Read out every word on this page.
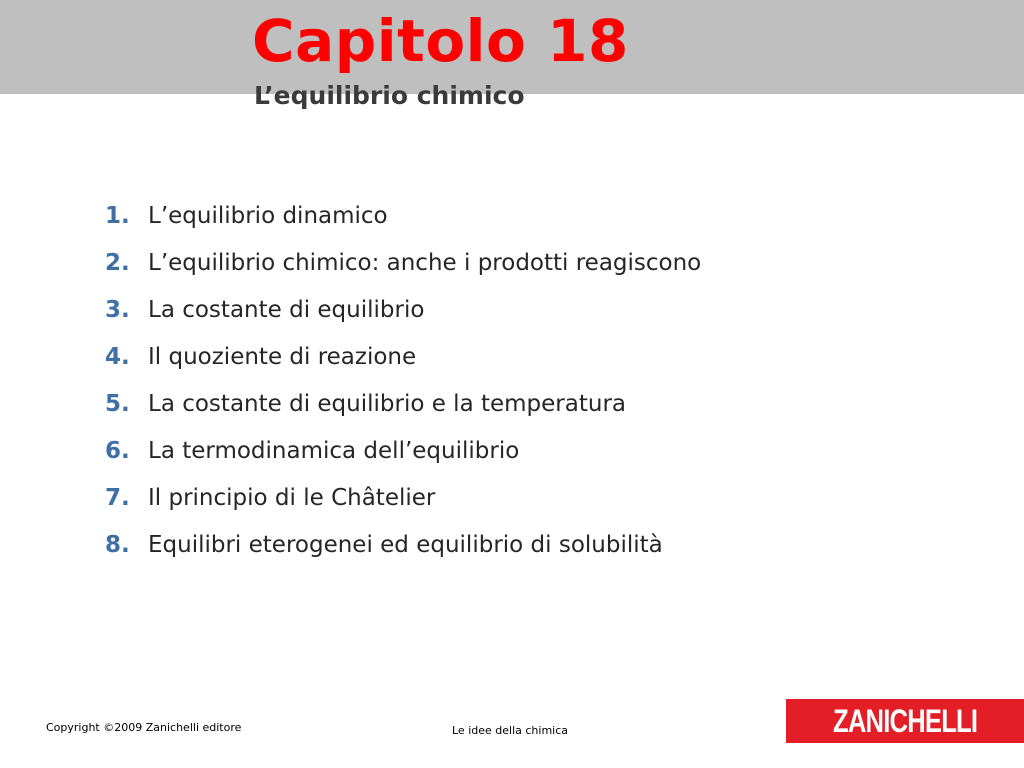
Capitolo 18
L’equilibrio chimico
1. L’equilibrio dinamico
2. L’equilibrio chimico: anche i prodotti reagiscono
3. La costante di equilibrio
4. Il quoziente di reazione
5. La costante di equilibrio e la temperatura
6. La termodinamica dell’equilibrio
7. Il principio di le Châtelier
8. Equilibri eterogenei ed equilibrio di solubilità
Copyright ©2009 Zanichelli editore	Le idee della chimica	ZANICHELLI
